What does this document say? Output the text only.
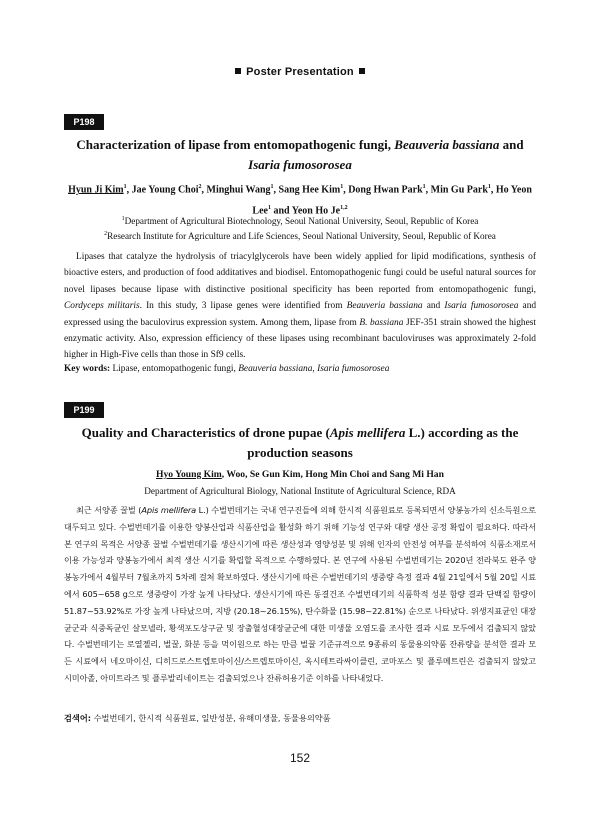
Poster Presentation
P198
Characterization of lipase from entomopathogenic fungi, Beauveria bassiana and Isaria fumosorosea
Hyun Ji Kim$^1$, Jae Young Choi$^2$, Minghui Wang$^1$, Sang Hee Kim$^1$, Dong Hwan Park$^1$, Min Gu Park$^1$, Ho Yeon Lee$^1$ and Yeon Ho Je$^{1,2}$
$^1$Department of Agricultural Biotechnology, Seoul National University, Seoul, Republic of Korea
$^2$Research Institute for Agriculture and Life Sciences, Seoul National University, Seoul, Republic of Korea
Lipases that catalyze the hydrolysis of triacylglycerols have been widely applied for lipid modifications, synthesis of bioactive esters, and production of food additatives and biodisel. Entomopathogenic fungi could be useful natural sources for novel lipases because lipase with distinctive positional specificity has been reported from entomopathogenic fungi, Cordyceps militaris. In this study, 3 lipase genes were identified from Beauveria bassiana and Isaria fumosorosea and expressed using the baculovirus expression system. Among them, lipase from B. bassiana JEF-351 strain showed the highest enzymatic activity. Also, expression efficiency of these lipases using recombinant baculoviruses was approximately 2-fold higher in High-Five cells than those in Sf9 cells.
Key words: Lipase, entomopathogenic fungi, Beauveria bassiana, Isaria fumosorosea
P199
Quality and Characteristics of drone pupae (Apis mellifera L.) according as the production seasons
Hyo Young Kim, Woo, Se Gun Kim, Hong Min Choi and Sang Mi Han
Department of Agricultural Biology, National Institute of Agricultural Science, RDA
최근 서양종 꿀벌 (Apis mellifera L.) 수벌번데기는 국내 연구진들에 의해 한시적 식품원료로 등록되면서 양봉농가의 신소득원으로 대두되고 있다. 수벌번데기를 이용한 양봉산업과 식품산업을 활성화 하기 위해 기능성 연구와 대량 생산 공정 확립이 필요하다. 따라서 본 연구의 목적은 서양종 꿀벌 수벌번데기를 생산시기에 따른 생산성과 영양성분 및 위해 인자의 안전성 여부를 분석하여 식품소재로서 이용 가능성과 양봉농가에서 최적 생산 시기를 확립할 목적으로 수행하였다. 본 연구에 사용된 수벌번데기는 2020년 전라북도 완주 양봉농가에서 4월부터 7월초까지 5차례 걸쳐 확보하였다. 생산시기에 따른 수벌번데기의 생중량 측정 결과 4월 21일에서 5월 20일 시료에서 605~658 g으로 생중량이 가장 높게 나타났다. 생산시기에 따른 동결건조 수벌번데기의 식품학적 성분 함량 결과 단백질 함량이 51.87~53.92%로 가장 높게 나타났으며, 지방 (20.18~26.15%), 탄수화물 (15.98~22.81%) 순으로 나타났다. 위생지표균인 대장균군과 식중독균인 살모넬라, 황색포도상구균 및 장출혈성대장균군에 대한 미생물 오염도를 조사한 결과 시료 모두에서 검출되지 않았다. 수벌번데기는 로열젤리, 벌꿀, 화분 등을 먹이원으로 하는 만큼 벌꿀 기준규격으로 9종류의 동물용의약품 잔류량을 분석한 결과 모든 시료에서 네오마이신, 디히드로스트렙토마이신/스트렙토마이신, 옥시테트라싸이클린, 코마포스 및 플루메트린은 검출되지 않았고 시미아졸, 아미트라즈 및 플루발리네이트는 검출되었으나 잔류허용기준 이하를 나타내었다.
검색어: 수벌번데기, 한시적 식품원료, 일반성분, 유해미생물, 동물용의약품
152
